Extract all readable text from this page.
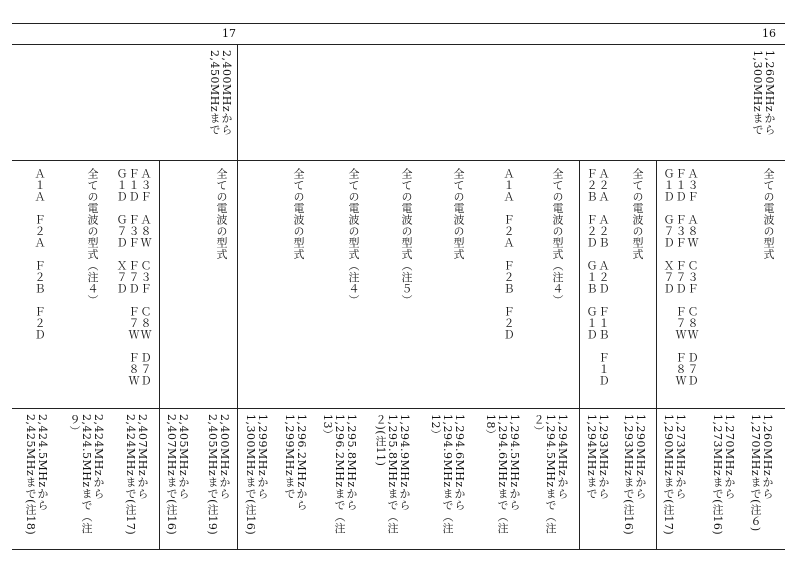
16
1,260MHzから
1,300MHzまで
全ての電波の型式
1,260MHzから
1,270MHzまで(注６)
Ａ３Ｆ　Ａ８Ｗ　Ｃ３Ｆ　Ｃ８Ｗ　Ｄ７Ｄ
Ｆ１Ｄ　Ｆ３Ｆ　Ｆ７Ｄ　Ｆ７Ｗ　Ｆ８Ｗ
Ｇ１Ｄ　Ｇ７Ｄ　Ｘ７Ｄ
1,270MHzから
1,273MHzまで(注16)
1,273MHzから
1,290MHzまで(注17)
全ての電波の型式
1,290MHzから
1,293MHzまで(注16)
Ａ２Ａ　Ａ２Ｂ　Ａ２Ｄ　Ｆ１Ｂ　Ｆ１Ｄ
Ｆ２Ｂ　Ｆ２Ｄ　Ｇ１Ｂ　Ｇ１Ｄ
1,293MHzから
1,294MHzまで
全ての電波の型式（注４）
1,294MHzから
1,294.5MHzまで（注
２）
Ａ１Ａ　Ｆ２Ａ　Ｆ２Ｂ　Ｆ２Ｄ
1,294.5MHzから
1,294.6MHzまで（注
18）
全ての電波の型式
1,294.6MHzから
1,294.9MHzまで（注
12）
全ての電波の型式（注５）
1,294.9MHzから
1,295.8MHzまで（注
２)(注11)
全ての電波の型式（注４）
1,295.8MHzから
1,296.2MHzまで（注
13）
全ての電波の型式
1,296.2MHzから
1,299MHzまで
1,299MHzから
1,300MHzまで(注16)
17
2,400MHzから
2,450MHzまで
全ての電波の型式
2,400MHzから
2,405MHzまで(注19)
2,405MHzから
2,407MHzまで(注16)
Ａ３Ｆ　Ａ８Ｗ　Ｃ３Ｆ　Ｃ８Ｗ　Ｄ７Ｄ
Ｆ１Ｄ　Ｆ３Ｆ　Ｆ７Ｄ　Ｆ７Ｗ　Ｆ８Ｗ
Ｇ１Ｄ　Ｇ７Ｄ　Ｘ７Ｄ
2,407MHzから
2,424MHzまで(注17)
全ての電波の型式（注４）
2,424MHzから
2,424.5MHzまで（注
９）
Ａ１Ａ　Ｆ２Ａ　Ｆ２Ｂ　Ｆ２Ｄ
2,424.5MHzから
2,425MHzまで(注18)
